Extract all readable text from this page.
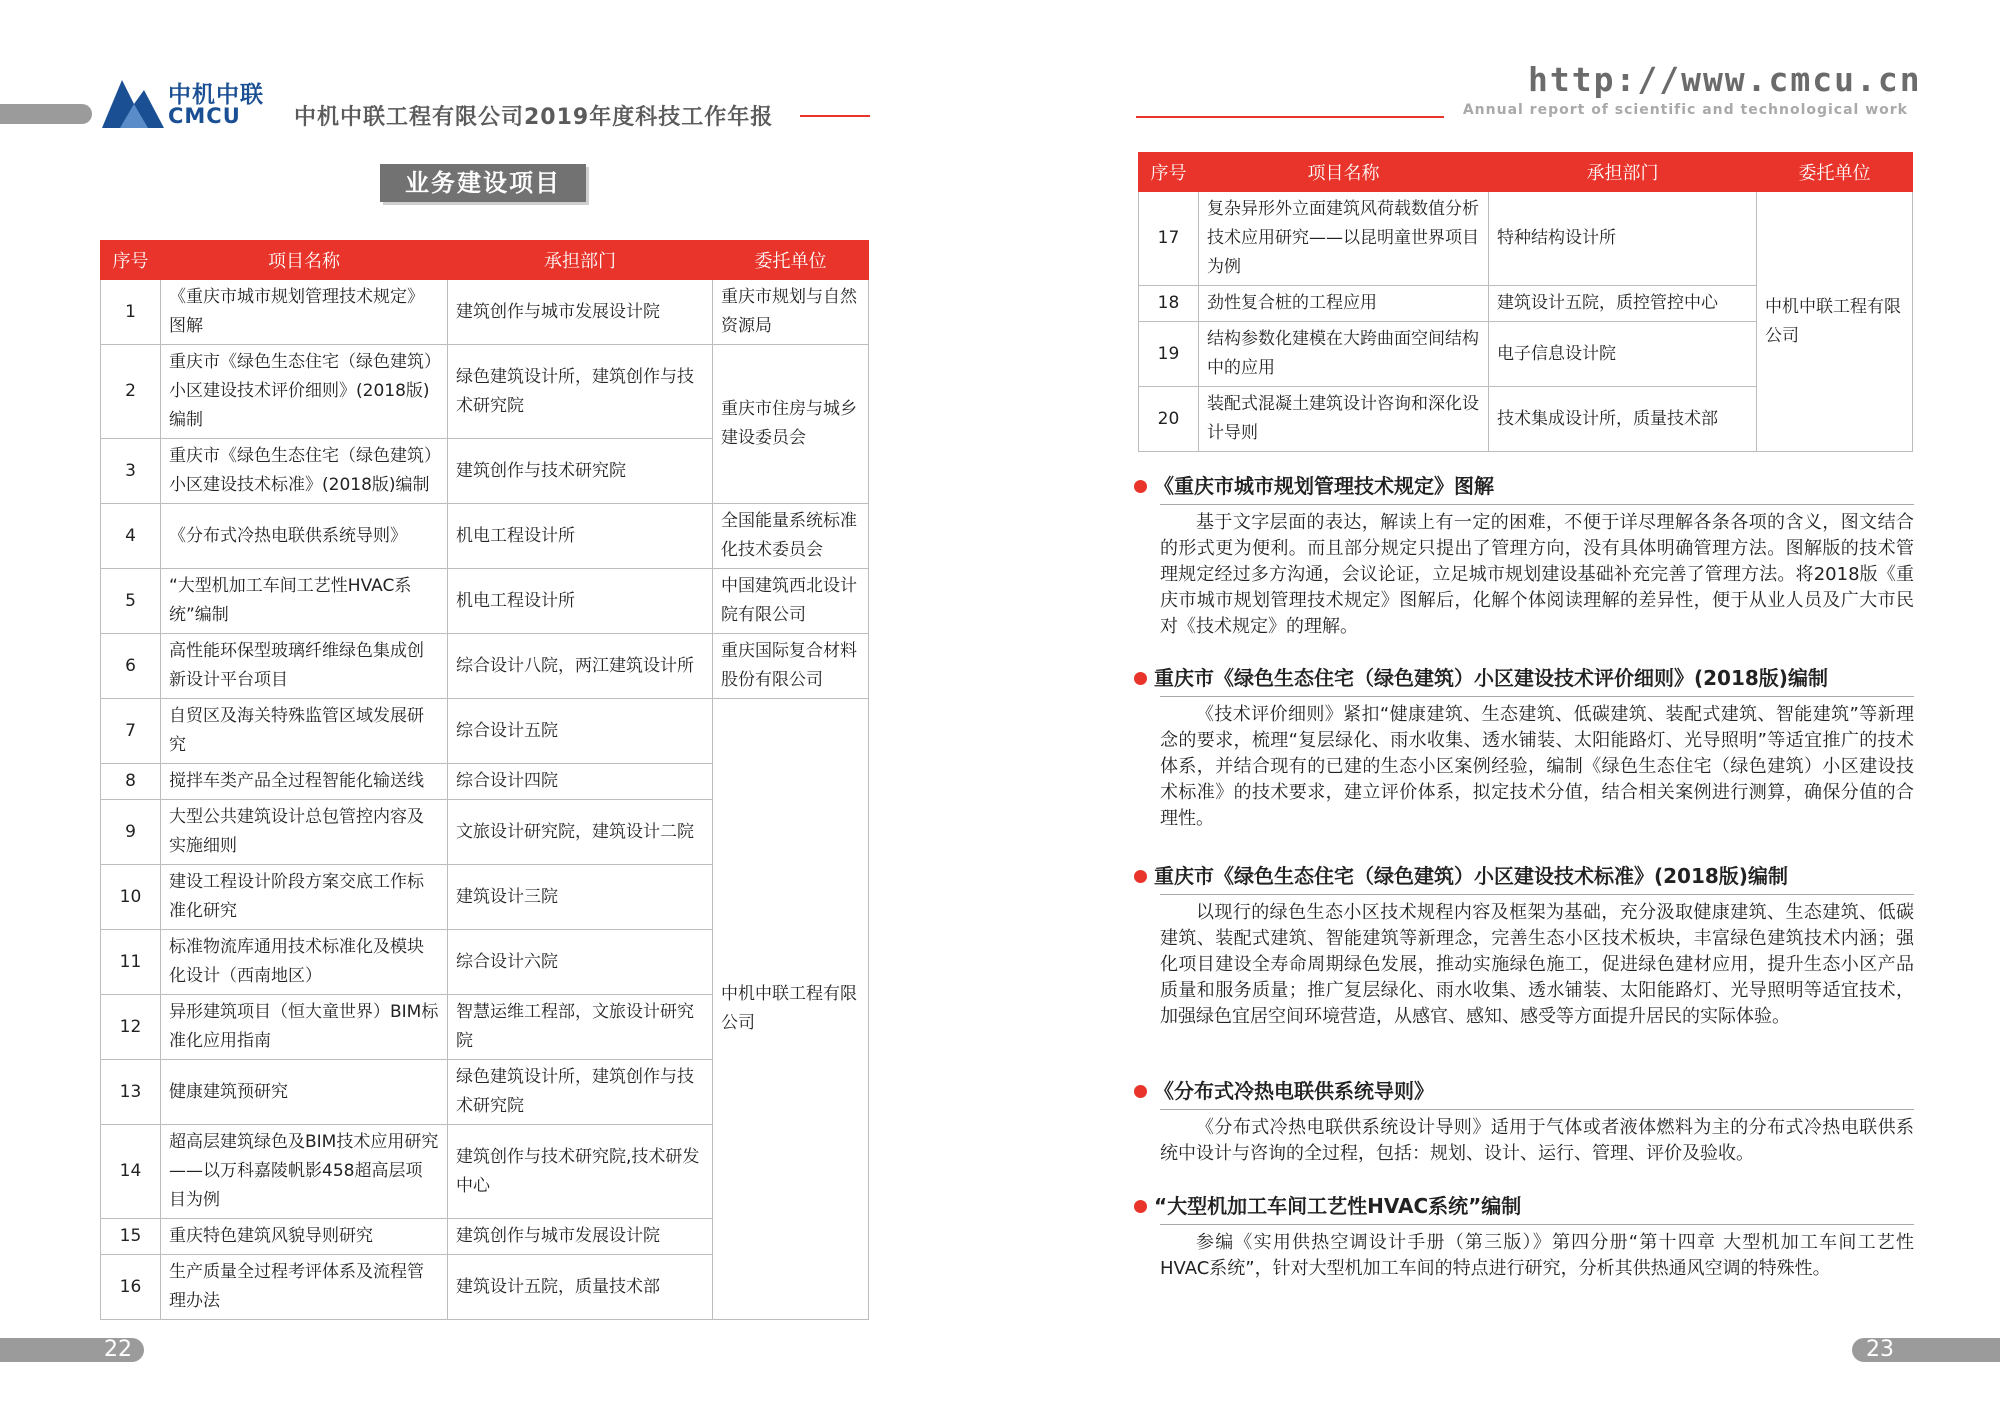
中机中联
CMCU 中机中联工程有限公司2019年度科技工作年报
http://www.cmcu.cn
Annual report of scientific and technological work
业务建设项目
序号	项目名称	承担部门	委托单位
1	《重庆市城市规划管理技术规定》图解	建筑创作与城市发展设计院	重庆市规划与自然资源局
2	重庆市《绿色生态住宅（绿色建筑）小区建设技术评价细则》(2018版)编制	绿色建筑设计所，建筑创作与技术研究院	重庆市住房与城乡建设委员会
3	重庆市《绿色生态住宅（绿色建筑）小区建设技术标准》(2018版)编制	建筑创作与技术研究院	
4	《分布式冷热电联供系统导则》	机电工程设计所	全国能量系统标准化技术委员会
5	“大型机加工车间工艺性HVAC系统”编制	机电工程设计所	中国建筑西北设计院有限公司
6	高性能环保型玻璃纤维绿色集成创新设计平台项目	综合设计八院，两江建筑设计所	重庆国际复合材料股份有限公司
7	自贸区及海关特殊监管区域发展研究	综合设计五院	中机中联工程有限公司
8	搅拌车类产品全过程智能化输送线	综合设计四院	
9	大型公共建筑设计总包管控内容及实施细则	文旅设计研究院，建筑设计二院	
10	建设工程设计阶段方案交底工作标准化研究	建筑设计三院	
11	标准物流库通用技术标准化及模块化设计（西南地区）	综合设计六院	
12	异形建筑项目（恒大童世界）BIM标准化应用指南	智慧运维工程部，文旅设计研究院	
13	健康建筑预研究	绿色建筑设计所，建筑创作与技术研究院	
14	超高层建筑绿色及BIM技术应用研究——以万科嘉陵帆影458超高层项目为例	建筑创作与技术研究院,技术研发中心	
15	重庆特色建筑风貌导则研究	建筑创作与城市发展设计院	
16	生产质量全过程考评体系及流程管理办法	建筑设计五院，质量技术部	
序号	项目名称	承担部门	委托单位
17	复杂异形外立面建筑风荷载数值分析技术应用研究——以昆明童世界项目为例	特种结构设计所	中机中联工程有限公司
18	劲性复合桩的工程应用	建筑设计五院，质控管控中心	
19	结构参数化建模在大跨曲面空间结构中的应用	电子信息设计院	
20	装配式混凝土建筑设计咨询和深化设计导则	技术集成设计所，质量技术部	
《重庆市城市规划管理技术规定》图解
基于文字层面的表达，解读上有一定的困难，不便于详尽理解各条各项的含义，图文结合的形式更为便利。而且部分规定只提出了管理方向，没有具体明确管理方法。图解版的技术管理规定经过多方沟通，会议论证，立足城市规划建设基础补充完善了管理方法。将2018版《重庆市城市规划管理技术规定》图解后，化解个体阅读理解的差异性，便于从业人员及广大市民对《技术规定》的理解。
重庆市《绿色生态住宅（绿色建筑）小区建设技术评价细则》(2018版)编制
《技术评价细则》紧扣“健康建筑、生态建筑、低碳建筑、装配式建筑、智能建筑”等新理念的要求，梳理“复层绿化、雨水收集、透水铺装、太阳能路灯、光导照明”等适宜推广的技术体系，并结合现有的已建的生态小区案例经验，编制《绿色生态住宅（绿色建筑）小区建设技术标准》的技术要求，建立评价体系，拟定技术分值，结合相关案例进行测算，确保分值的合理性。
重庆市《绿色生态住宅（绿色建筑）小区建设技术标准》(2018版)编制
以现行的绿色生态小区技术规程内容及框架为基础，充分汲取健康建筑、生态建筑、低碳建筑、装配式建筑、智能建筑等新理念，完善生态小区技术板块，丰富绿色建筑技术内涵；强化项目建设全寿命周期绿色发展，推动实施绿色施工，促进绿色建材应用，提升生态小区产品质量和服务质量；推广复层绿化、雨水收集、透水铺装、太阳能路灯、光导照明等适宜技术，加强绿色宜居空间环境营造，从感官、感知、感受等方面提升居民的实际体验。
《分布式冷热电联供系统导则》
《分布式冷热电联供系统设计导则》适用于气体或者液体燃料为主的分布式冷热电联供系统中设计与咨询的全过程，包括：规划、设计、运行、管理、评价及验收。
“大型机加工车间工艺性HVAC系统”编制
参编《实用供热空调设计手册（第三版）》第四分册“第十四章 大型机加工车间工艺性HVAC系统”，针对大型机加工车间的特点进行研究，分析其供热通风空调的特殊性。
22	23
